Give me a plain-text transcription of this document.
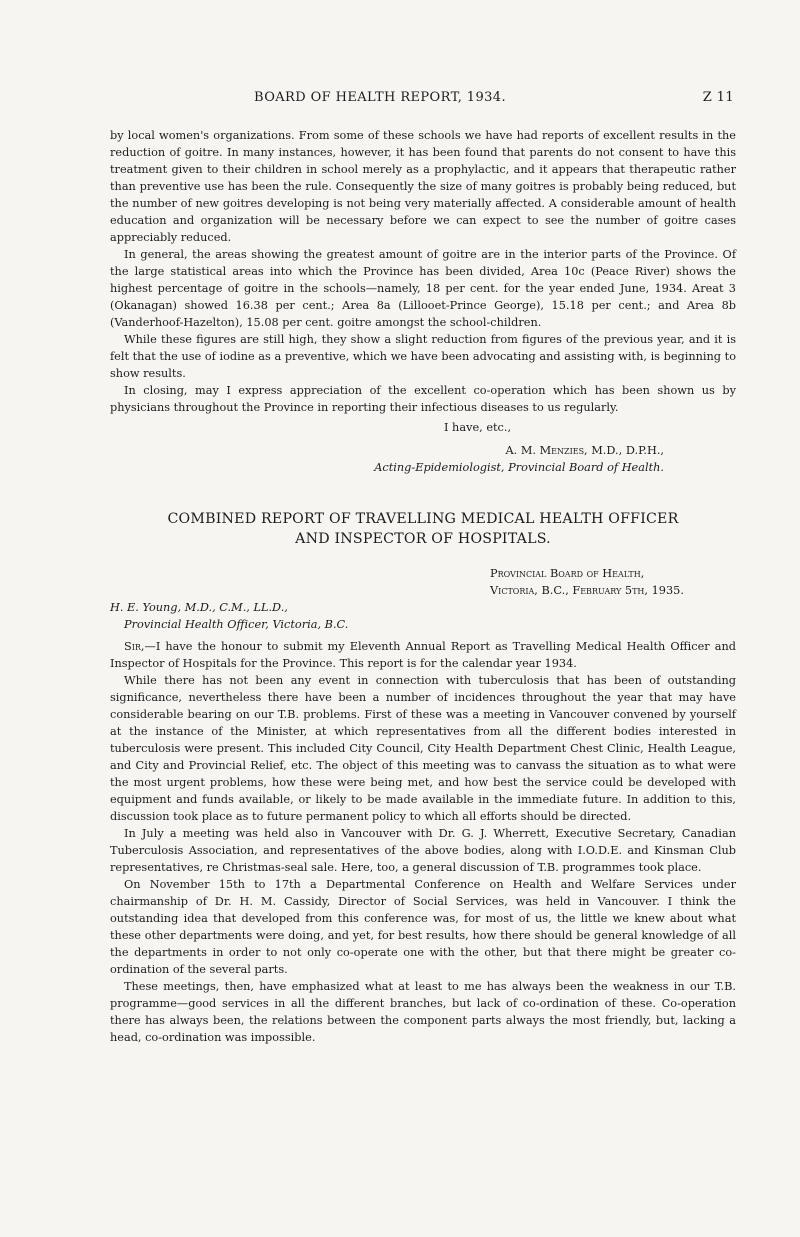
BOARD OF HEALTH REPORT, 1934.	Z 11

by local women's organizations. From some of these schools we have had reports of excellent results in the reduction of goitre. In many instances, however, it has been found that parents do not consent to have this treatment given to their children in school merely as a prophylactic, and it appears that therapeutic rather than preventive use has been the rule. Consequently the size of many goitres is probably being reduced, but the number of new goitres developing is not being very materially affected. A considerable amount of health education and organization will be necessary before we can expect to see the number of goitre cases appreciably reduced.

In general, the areas showing the greatest amount of goitre are in the interior parts of the Province. Of the large statistical areas into which the Province has been divided, Area 10c (Peace River) shows the highest percentage of goitre in the schools—namely, 18 per cent. for the year ended June, 1934. Areat 3 (Okanagan) showed 16.38 per cent.; Area 8a (Lillooet-Prince George), 15.18 per cent.; and Area 8b (Vanderhoof-Hazelton), 15.08 per cent. goitre amongst the school-children.

While these figures are still high, they show a slight reduction from figures of the previous year, and it is felt that the use of iodine as a preventive, which we have been advocating and assisting with, is beginning to show results.

In closing, may I express appreciation of the excellent co-operation which has been shown us by physicians throughout the Province in reporting their infectious diseases to us regularly.

I have, etc.,

A. M. Menzies, M.D., D.P.H.,

Acting-Epidemiologist, Provincial Board of Health.

COMBINED REPORT OF TRAVELLING MEDICAL HEALTH OFFICER
AND INSPECTOR OF HOSPITALS.

Provincial Board of Health,

Victoria, B.C., February 5th, 1935.

H. E. Young, M.D., C.M., LL.D.,

Provincial Health Officer, Victoria, B.C.

Sir,—I have the honour to submit my Eleventh Annual Report as Travelling Medical Health Officer and Inspector of Hospitals for the Province. This report is for the calendar year 1934.

While there has not been any event in connection with tuberculosis that has been of outstanding significance, nevertheless there have been a number of incidences throughout the year that may have considerable bearing on our T.B. problems. First of these was a meeting in Vancouver convened by yourself at the instance of the Minister, at which representatives from all the different bodies interested in tuberculosis were present. This included City Council, City Health Department Chest Clinic, Health League, and City and Provincial Relief, etc. The object of this meeting was to canvass the situation as to what were the most urgent problems, how these were being met, and how best the service could be developed with equipment and funds available, or likely to be made available in the immediate future. In addition to this, discussion took place as to future permanent policy to which all efforts should be directed.

In July a meeting was held also in Vancouver with Dr. G. J. Wherrett, Executive Secretary, Canadian Tuberculosis Association, and representatives of the above bodies, along with I.O.D.E. and Kinsman Club representatives, re Christmas-seal sale. Here, too, a general discussion of T.B. programmes took place.

On November 15th to 17th a Departmental Conference on Health and Welfare Services under chairmanship of Dr. H. M. Cassidy, Director of Social Services, was held in Vancouver. I think the outstanding idea that developed from this conference was, for most of us, the little we knew about what these other departments were doing, and yet, for best results, how there should be general knowledge of all the departments in order to not only co-operate one with the other, but that there might be greater co-ordination of the several parts.

These meetings, then, have emphasized what at least to me has always been the weakness in our T.B. programme—good services in all the different branches, but lack of co-ordination of these. Co-operation there has always been, the relations between the component parts always the most friendly, but, lacking a head, co-ordination was impossible.
